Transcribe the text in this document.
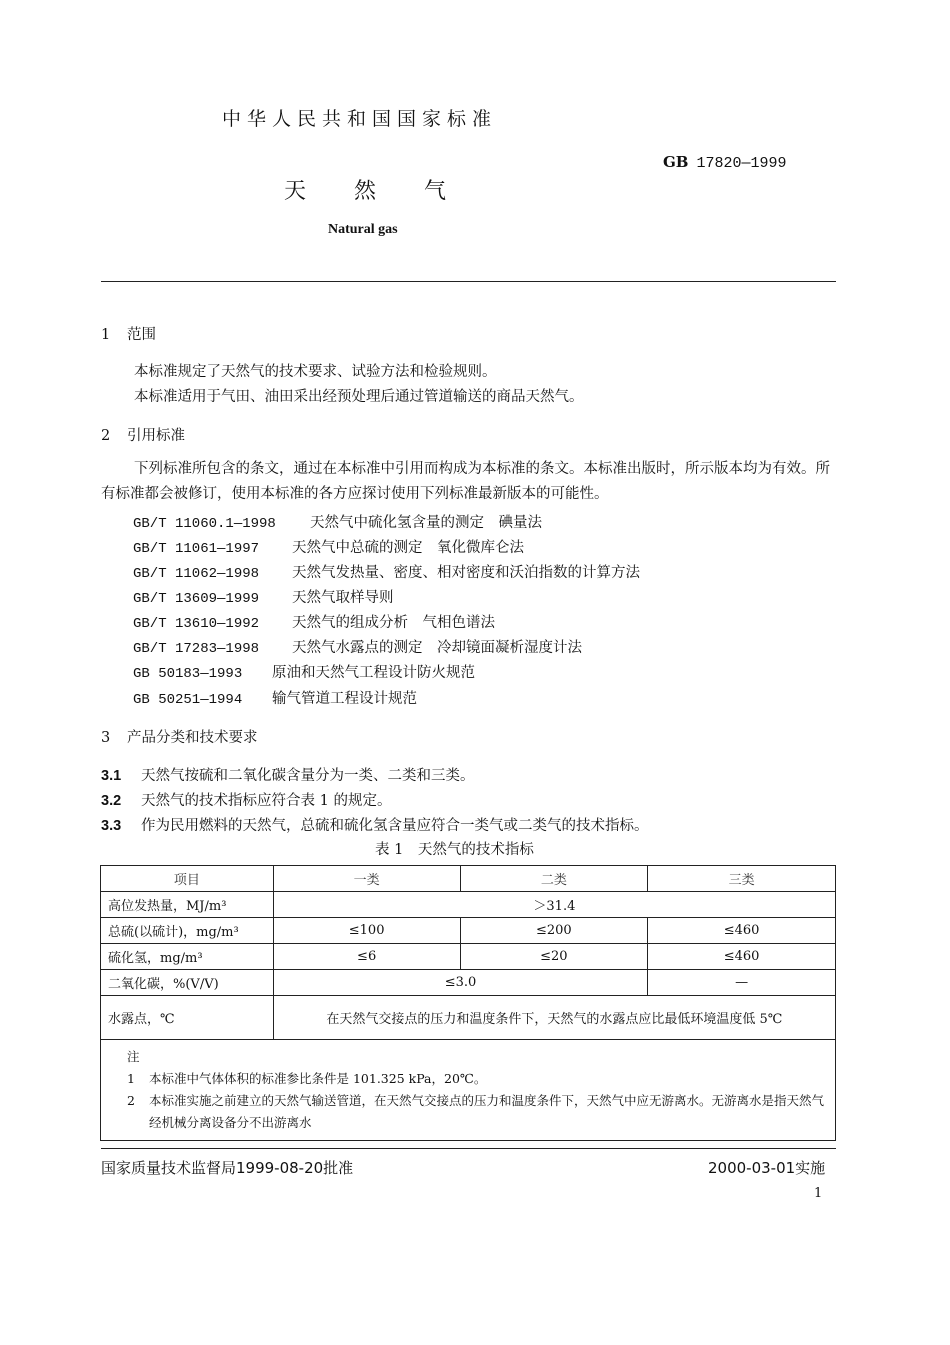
中华人民共和国国家标准
GB 17820—1999
天然气
Natural gas
1 范围
本标准规定了天然气的技术要求、试验方法和检验规则。
本标准适用于气田、油田采出经预处理后通过管道输送的商品天然气。
2 引用标准
下列标准所包含的条文，通过在本标准中引用而构成为本标准的条文。本标准出版时，所示版本均为有效。所有标准都会被修订，使用本标准的各方应探讨使用下列标准最新版本的可能性。
GB/T 11060.1—1998 天然气中硫化氢含量的测定　碘量法
GB/T 11061—1997 天然气中总硫的测定　氧化微库仑法
GB/T 11062—1998 天然气发热量、密度、相对密度和沃泊指数的计算方法
GB/T 13609—1999 天然气取样导则
GB/T 13610—1992 天然气的组成分析　气相色谱法
GB/T 17283—1998 天然气水露点的测定　冷却镜面凝析湿度计法
GB 50183—1993 原油和天然气工程设计防火规范
GB 50251—1994 输气管道工程设计规范
3 产品分类和技术要求
3.1 天然气按硫和二氧化碳含量分为一类、二类和三类。
3.2 天然气的技术指标应符合表 1 的规定。
3.3 作为民用燃料的天然气，总硫和硫化氢含量应符合一类气或二类气的技术指标。
表 1　天然气的技术指标
项目	一类	二类	三类
高位发热量，MJ/m³	＞31.4		
总硫(以硫计)，mg/m³	≤100	≤200	≤460
硫化氢，mg/m³	≤6	≤20	≤460
二氧化碳，%(V/V)	≤3.0		—
水露点，℃	在天然气交接点的压力和温度条件下，天然气的水露点应比最低环境温度低 5℃		

注
1 本标准中气体体积的标准参比条件是 101.325 kPa，20℃。
2 本标准实施之前建立的天然气输送管道，在天然气交接点的压力和温度条件下，天然气中应无游离水。无游离水是指天然气经机械分离设备分不出游离水			
国家质量技术监督局1999-08-20批准	2000-03-01实施
1
